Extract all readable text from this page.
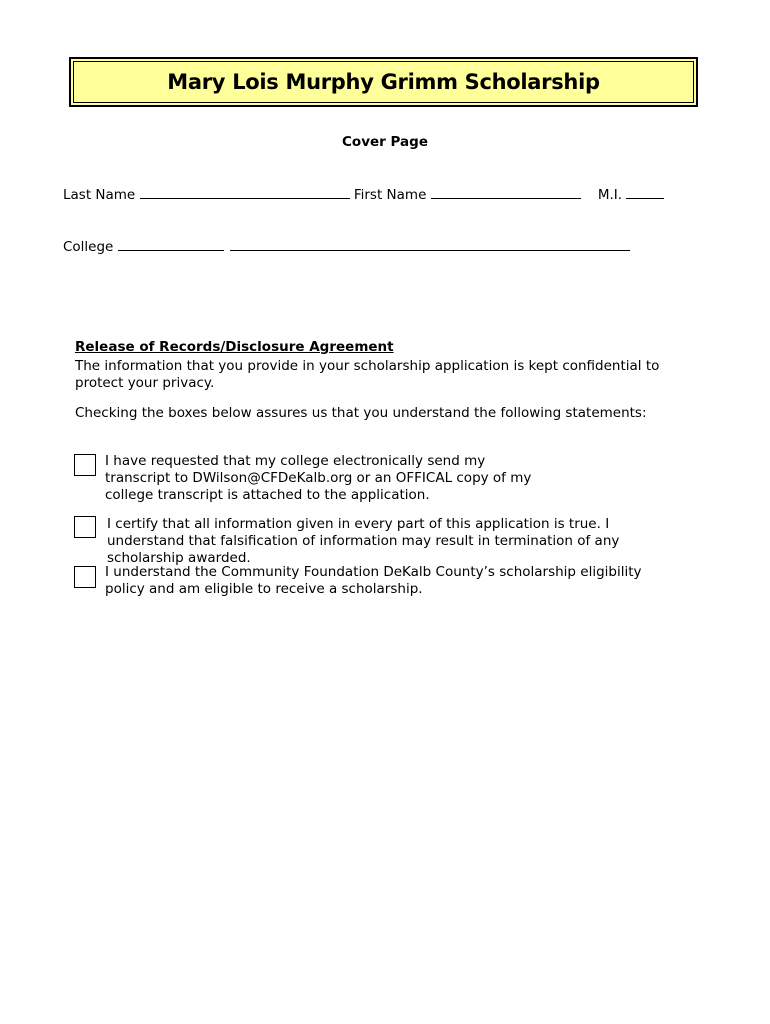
Mary Lois Murphy Grimm Scholarship
Cover Page
Last Name	First Name	M.I.
College
Release of Records/Disclosure Agreement
The information that you provide in your scholarship application is kept confidential to protect your privacy.
Checking the boxes below assures us that you understand the following statements:
I have requested that my college electronically send my transcript to DWilson@CFDeKalb.org or an OFFICAL copy of my college transcript is attached to the application.
I certify that all information given in every part of this application is true. I understand that falsification of information may result in termination of any scholarship awarded.
I understand the Community Foundation DeKalb County’s scholarship eligibility policy and am eligible to receive a scholarship.
